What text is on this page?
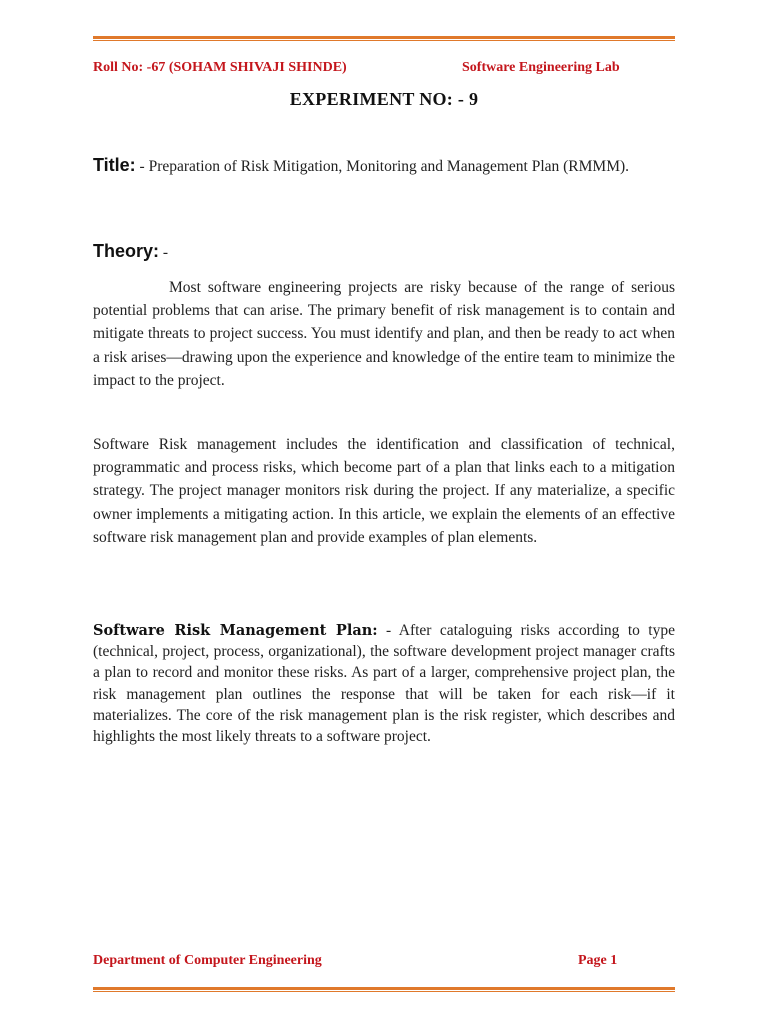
Roll No: -67 (SOHAM SHIVAJI SHINDE)	Software Engineering Lab
EXPERIMENT NO: - 9
Title: - Preparation of Risk Mitigation, Monitoring and Management Plan (RMMM).
Theory: -

Most software engineering projects are risky because of the range of serious potential problems that can arise. The primary benefit of risk management is to contain and mitigate threats to project success. You must identify and plan, and then be ready to act when a risk arises—drawing upon the experience and knowledge of the entire team to minimize the impact to the project.

Software Risk management includes the identification and classification of technical, programmatic and process risks, which become part of a plan that links each to a mitigation strategy. The project manager monitors risk during the project. If any materialize, a specific owner implements a mitigating action. In this article, we explain the elements of an effective software risk management plan and provide examples of plan elements.

Software Risk Management Plan: - After cataloguing risks according to type (technical, project, process, organizational), the software development project manager crafts a plan to record and monitor these risks. As part of a larger, comprehensive project plan, the risk management plan outlines the response that will be taken for each risk—if it materializes. The core of the risk management plan is the risk register, which describes and highlights the most likely threats to a software project.

Department of Computer Engineering	Page 1
